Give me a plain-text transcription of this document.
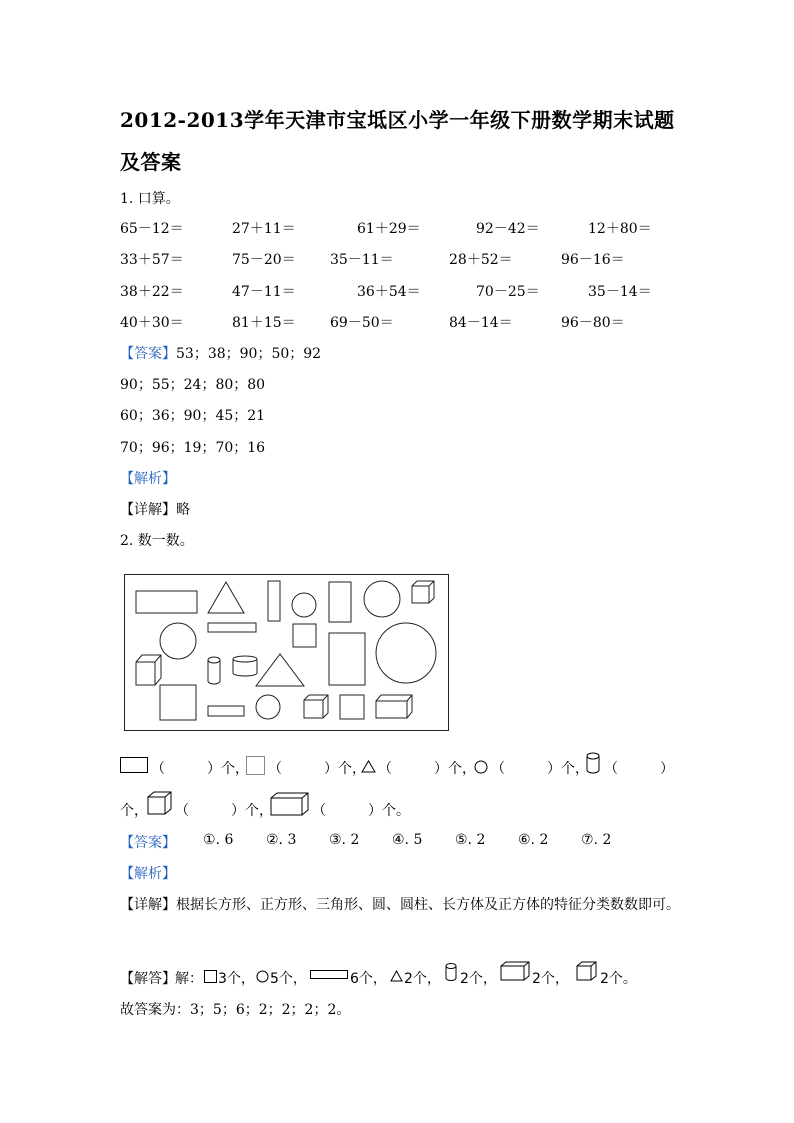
2012-2013学年天津市宝坻区小学一年级下册数学期末试题
及答案
1. 口算。
65－12＝	27＋11＝	61＋29＝	92－42＝	12＋80＝
33＋57＝	75－20＝ 35－11＝	28＋52＝	96－16＝
38＋22＝	47－11＝	36＋54＝	70－25＝	35－14＝
40＋30＝	81＋15＝ 69－50＝	84－14＝	96－80＝
【答案】53；38；90；50；92
90；55；24；80；80
60；36；90；45；21
70；96；19；70；16
【解析】
【详解】略
2. 数一数。
（　　　）个， （　　　）个， （　　　）个， （　　　）个， （　　　）
个， （　　　）个，	（　　　）个。
【答案】 ①. 6 ②. 3 ③. 2 ④. 5 ⑤. 2 ⑥. 2 ⑦. 2
【解析】
【详解】根据长方形、正方形、三角形、圆、圆柱、长方体及正方体的特征分类数数即可。
【解答】 解： 3个， 5个，	6个， 2个， 2个，	2个， 2个。
故答案为：3；5；6；2；2；2；2。
